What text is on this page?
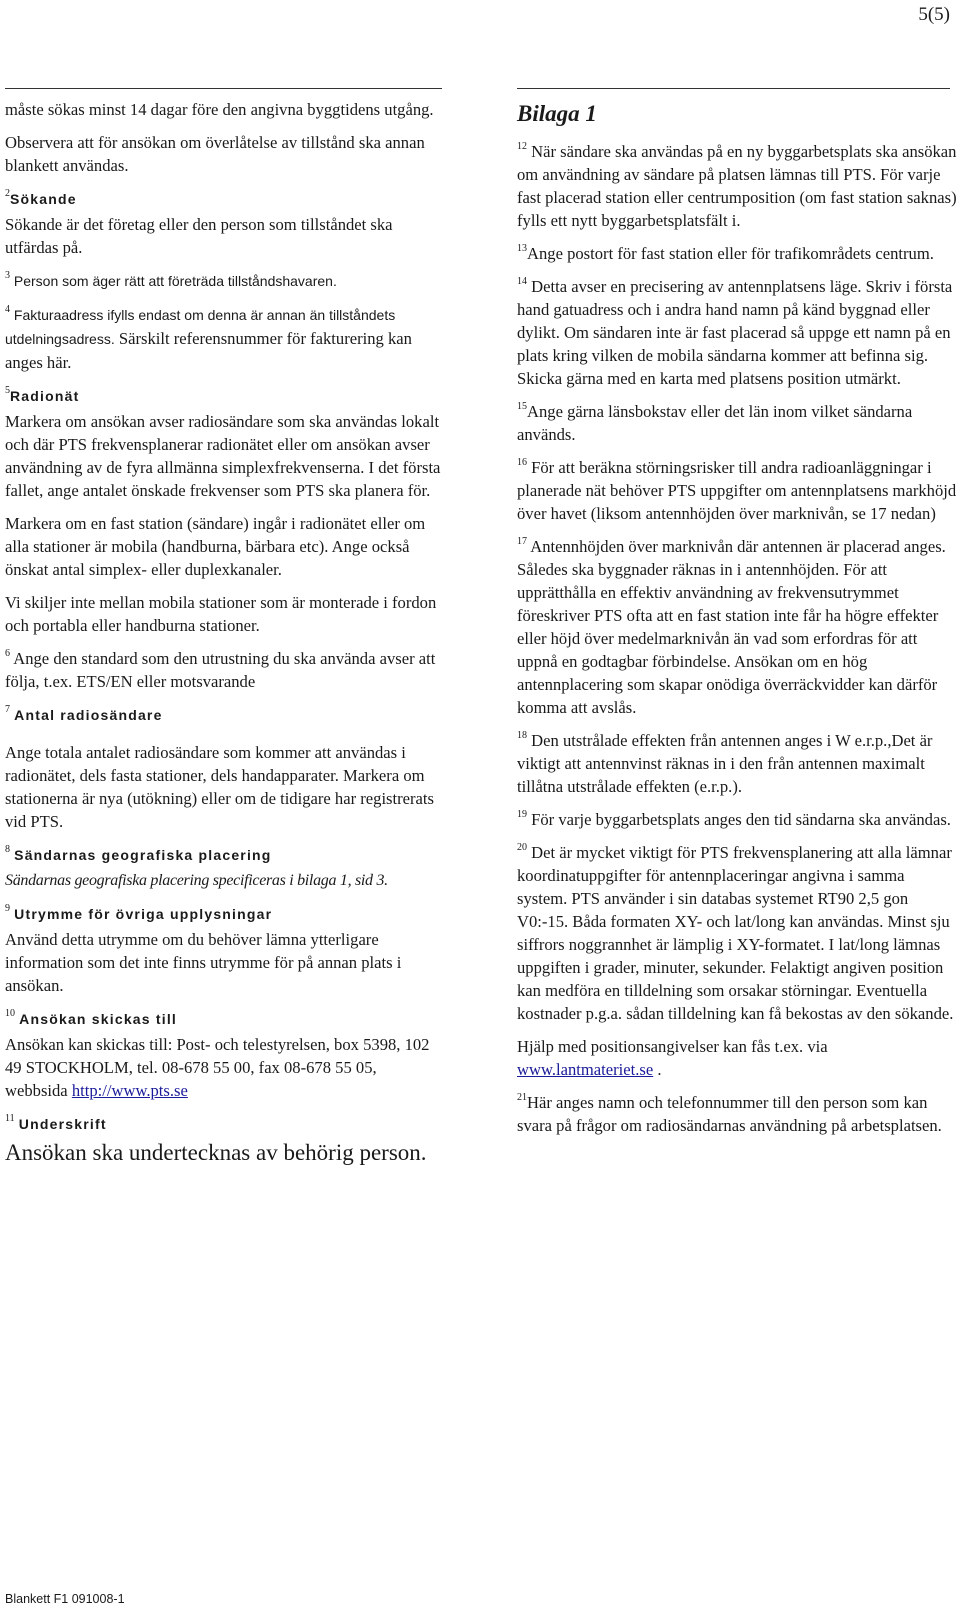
5(5)

måste sökas minst 14 dagar före den angivna byggtidens utgång.

Observera att för ansökan om överlåtelse av tillstånd ska annan blankett användas.

$^2$Sökande

Sökande är det företag eller den person som tillståndet ska utfärdas på.

$^3$ Person som äger rätt att företräda tillståndshavaren.

$^4$ Fakturaadress ifylls endast om denna är annan än tillståndets utdelningsadress. Särskilt referensnummer för fakturering kan anges här.

$^5$Radionät

Markera om ansökan avser radiosändare som ska användas lokalt och där PTS frekvensplanerar radionätet eller om ansökan avser användning av de fyra allmänna simplexfrekvenserna. I det första fallet, ange antalet önskade frekvenser som PTS ska planera för.

Markera om en fast station (sändare) ingår i radionätet eller om alla stationer är mobila (handburna, bärbara etc). Ange också önskat antal simplex- eller duplexkanaler.

Vi skiljer inte mellan mobila stationer som är monterade i fordon och portabla eller handburna stationer.

$^6$ Ange den standard som den utrustning du ska använda avser att följa, t.ex. ETS/EN eller motsvarande

$^7$ Antal radiosändare

Ange totala antalet radiosändare som kommer att användas i radionätet, dels fasta stationer, dels handapparater. Markera om stationerna är nya (utökning) eller om de tidigare har registrerats vid PTS.

$^8$ Sändarnas geografiska placering

Sändarnas geografiska placering specificeras i bilaga 1, sid 3.

$^9$ Utrymme för övriga upplysningar

Använd detta utrymme om du behöver lämna ytterligare information som det inte finns utrymme för på annan plats i ansökan.

$^{10}$ Ansökan skickas till

Ansökan kan skickas till: Post- och telestyrelsen, box 5398, 102 49 STOCKHOLM, tel. 08-678 55 00, fax 08-678 55 05, webbsida http://www.pts.se

$^{11}$ Underskrift

Ansökan ska undertecknas av behörig person.

Bilaga 1

$^{12}$ När sändare ska användas på en ny byggarbetsplats ska ansökan om användning av sändare på platsen lämnas till PTS. För varje fast placerad station eller centrumposition (om fast station saknas) fylls ett nytt byggarbetsplatsfält i.

$^{13}$Ange postort för fast station eller för trafikområdets centrum.

$^{14}$ Detta avser en precisering av antennplatsens läge. Skriv i första hand gatuadress och i andra hand namn på känd byggnad eller dylikt. Om sändaren inte är fast placerad så uppge ett namn på en plats kring vilken de mobila sändarna kommer att befinna sig. Skicka gärna med en karta med platsens position utmärkt.

$^{15}$Ange gärna länsbokstav eller det län inom vilket sändarna används.

$^{16}$ För att beräkna störningsrisker till andra radioanläggningar i planerade nät behöver PTS uppgifter om antennplatsens markhöjd över havet (liksom antennhöjden över marknivån, se 17 nedan)

$^{17}$ Antennhöjden över marknivån där antennen är placerad anges. Således ska byggnader räknas in i antennhöjden. För att upprätthålla en effektiv användning av frekvensutrymmet föreskriver PTS ofta att en fast station inte får ha högre effekter eller höjd över medelmarknivån än vad som erfordras för att uppnå en godtagbar förbindelse. Ansökan om en hög antennplacering som skapar onödiga överräckvidder kan därför komma att avslås.

$^{18}$ Den utstrålade effekten från antennen anges i W e.r.p.,Det är viktigt att antennvinst räknas in i den från antennen maximalt tillåtna utstrålade effekten (e.r.p.).

$^{19}$ För varje byggarbetsplats anges den tid sändarna ska användas.

$^{20}$ Det är mycket viktigt för PTS frekvensplanering att alla lämnar koordinatuppgifter för antennplaceringar angivna i samma system. PTS använder i sin databas systemet RT90 2,5 gon V0:-15. Båda formaten XY- och lat/long kan användas. Minst sju siffrors noggrannhet är lämplig i XY-formatet. I lat/long lämnas uppgiften i grader, minuter, sekunder. Felaktigt angiven position kan medföra en tilldelning som orsakar störningar. Eventuella kostnader p.g.a. sådan tilldelning kan få bekostas av den sökande.

Hjälp med positionsangivelser kan fås t.ex. via www.lantmateriet.se .

$^{21}$Här anges namn och telefonnummer till den person som kan svara på frågor om radiosändarnas användning på arbetsplatsen.

Blankett F1 091008-1
